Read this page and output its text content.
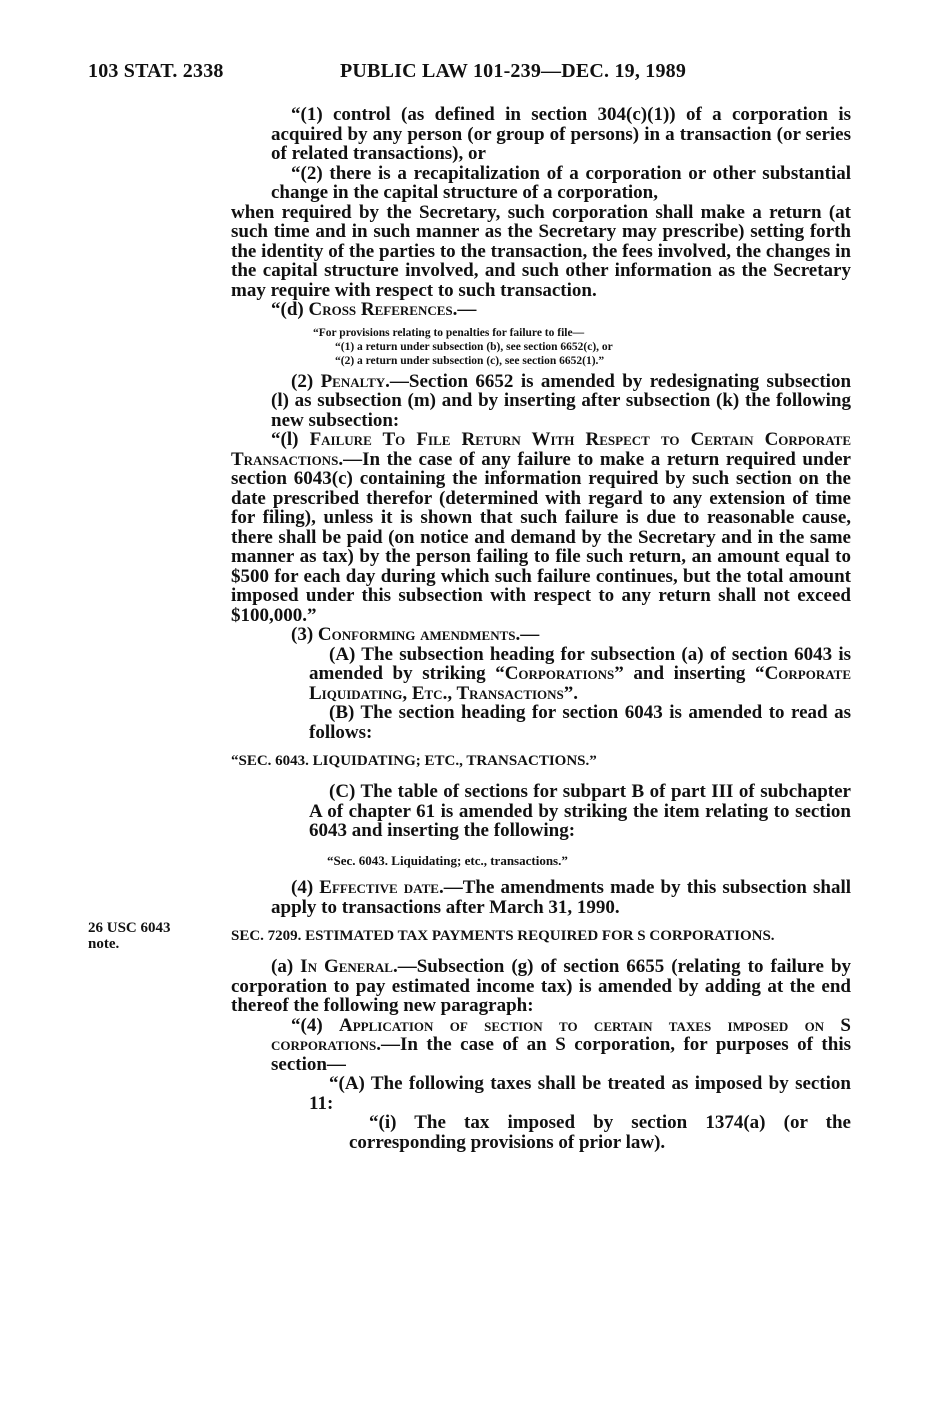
103 STAT. 2338	PUBLIC LAW 101-239—DEC. 19, 1989
26 USC 6043
note.

“(1) control (as defined in section 304(c)(1)) of a corporation is acquired by any person (or group of persons) in a transaction (or series of related transactions), or

“(2) there is a recapitalization of a corporation or other substantial change in the capital structure of a corporation,

when required by the Secretary, such corporation shall make a return (at such time and in such manner as the Secretary may prescribe) setting forth the identity of the parties to the transaction, the fees involved, the changes in the capital structure involved, and such other information as the Secretary may require with respect to such transaction.

“(d) Cross References.—

“For provisions relating to penalties for failure to file—
“(1) a return under subsection (b), see section 6652(c), or
“(2) a return under subsection (c), see section 6652(1).”

(2) Penalty.—Section 6652 is amended by redesignating subsection (l) as subsection (m) and by inserting after subsection (k) the following new subsection:

“(l) Failure To File Return With Respect to Certain Corporate Transactions.—In the case of any failure to make a return required under section 6043(c) containing the information required by such section on the date prescribed therefor (determined with regard to any extension of time for filing), unless it is shown that such failure is due to reasonable cause, there shall be paid (on notice and demand by the Secretary and in the same manner as tax) by the person failing to file such return, an amount equal to $500 for each day during which such failure continues, but the total amount imposed under this subsection with respect to any return shall not exceed $100,000.”

(3) Conforming amendments.—

(A) The subsection heading for subsection (a) of section 6043 is amended by striking “Corporations” and inserting “Corporate Liquidating, Etc., Transactions”.

(B) The section heading for section 6043 is amended to read as follows:

“SEC. 6043. LIQUIDATING; ETC., TRANSACTIONS.”

(C) The table of sections for subpart B of part III of subchapter A of chapter 61 is amended by striking the item relating to section 6043 and inserting the following:

“Sec. 6043. Liquidating; etc., transactions.”

(4) Effective date.—The amendments made by this subsection shall apply to transactions after March 31, 1990.

SEC. 7209. ESTIMATED TAX PAYMENTS REQUIRED FOR S CORPORATIONS.

(a) In General.—Subsection (g) of section 6655 (relating to failure by corporation to pay estimated income tax) is amended by adding at the end thereof the following new paragraph:

“(4) Application of section to certain taxes imposed on S corporations.—In the case of an S corporation, for purposes of this section—

“(A) The following taxes shall be treated as imposed by section 11:

“(i) The tax imposed by section 1374(a) (or the corresponding provisions of prior law).
